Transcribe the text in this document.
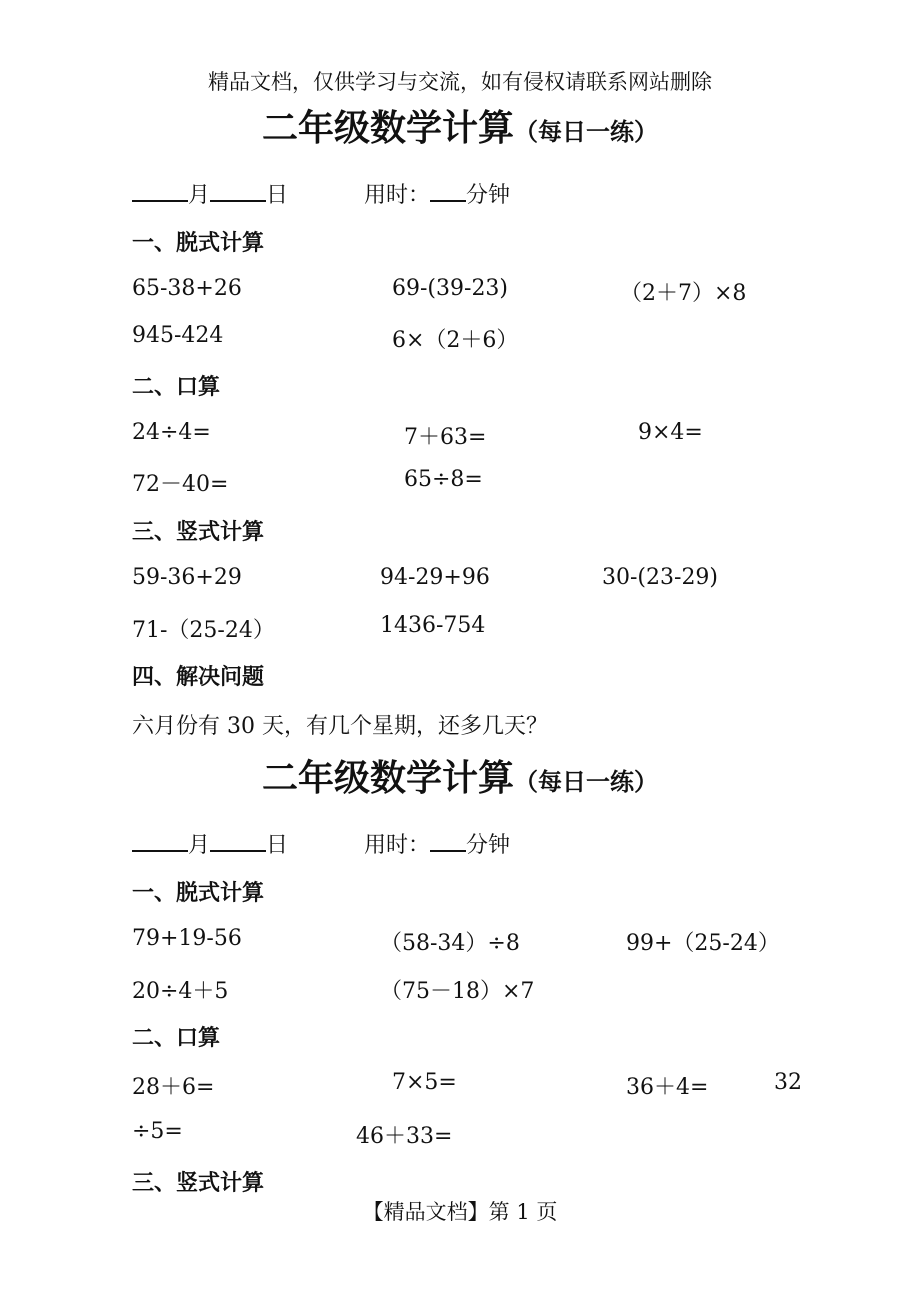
精品文档，仅供学习与交流，如有侵权请联系网站删除
二年级数学计算（每日一练）
月	日	用时： 分钟
一、脱式计算
65-38+26	69-(39-23)	（2＋7）×8
945-424	6×（2＋6）
二、口算
24÷4=	7＋63=	9×4=
72－40=	65÷8=
三、竖式计算
59-36+29	94-29+96	30-(23-29)
71-（25-24）	1436-754
四、解决问题
六月份有 30 天，有几个星期，还多几天？
二年级数学计算（每日一练）
月	日	用时： 分钟
一、脱式计算
79+19-56	（58-34）÷8	99+（25-24）
20÷4＋5	（75－18）×7
二、口算
28＋6=	7×5=	36＋4=	32
÷5=	46＋33=
三、竖式计算
【精品文档】第 1 页
